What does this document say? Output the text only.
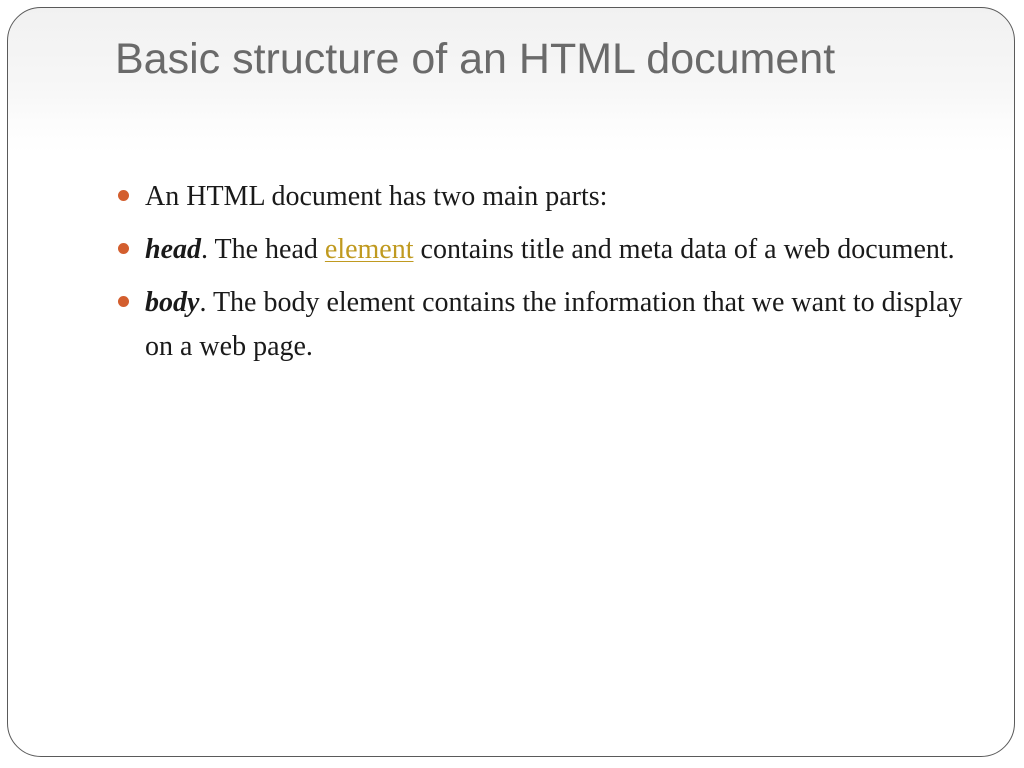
Basic structure of an HTML document
An HTML document has two main parts:
head. The head element contains title and meta data of a web document.
body. The body element contains the information that we want to display on a web page.
